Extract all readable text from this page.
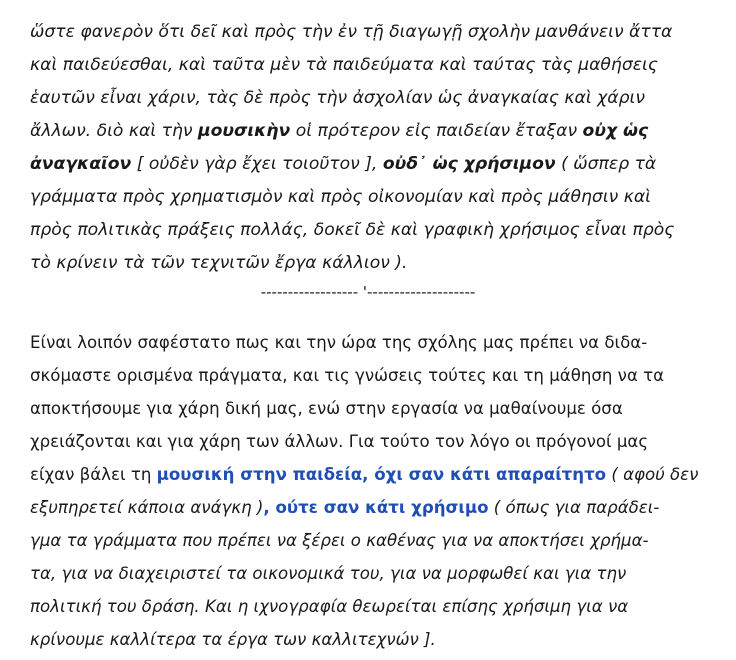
ὥστε φανερὸν ὅτι δεῖ καὶ πρὸς τὴν ἐν τῇ διαγωγῇ σχολὴν μανθάνειν ἄττα
καὶ παιδεύεσθαι, καὶ ταῦτα μὲν τὰ παιδεύματα καὶ ταύτας τὰς μαθήσεις
ἑαυτῶν εἶναι χάριν, τὰς δὲ πρὸς τὴν ἀσχολίαν ὡς ἀναγκαίας καὶ χάριν
ἄλλων. διὸ καὶ τὴν μουσικὴν οἱ πρότερον εἰς παιδείαν ἔταξαν οὐχ ὡς
ἀναγκαῖον [ οὐδὲν γὰρ ἔχει τοιοῦτον ], οὐδ᾽ ὡς χρήσιμον ( ὥσπερ τὰ
γράμματα πρὸς χρηματισμὸν καὶ πρὸς οἰκονομίαν καὶ πρὸς μάθησιν καὶ
πρὸς πολιτικὰς πράξεις πολλάς, δοκεῖ δὲ καὶ γραφικὴ χρήσιμος εἶναι πρὸς
τὸ κρίνειν τὰ τῶν τεχνιτῶν ἔργα κάλλιον ).
------------------ '--------------------
Είναι λοιπόν σαφέστατο πως και την ώρα της σχόλης μας πρέπει να διδα-
σκόμαστε ορισμένα πράγματα, και τις γνώσεις τούτες και τη μάθηση να τα
αποκτήσουμε για χάρη δική μας, ενώ στην εργασία να μαθαίνουμε όσα
χρειάζονται και για χάρη των άλλων. Για τούτο τον λόγο οι πρόγονοί μας
είχαν βάλει τη μουσική στην παιδεία, όχι σαν κάτι απαραίτητο ( αφού δεν
εξυπηρετεί κάποια ανάγκη ), ούτε σαν κάτι χρήσιμο ( όπως για παράδει-
γμα τα γράμματα που πρέπει να ξέρει ο καθένας για να αποκτήσει χρήμα-
τα, για να διαχειριστεί τα οικονομικά του, για να μορφωθεί και για την
πολιτική του δράση. Και η ιχνογραφία θεωρείται επίσης χρήσιμη για να
κρίνουμε καλλίτερα τα έργα των καλλιτεχνών ].
